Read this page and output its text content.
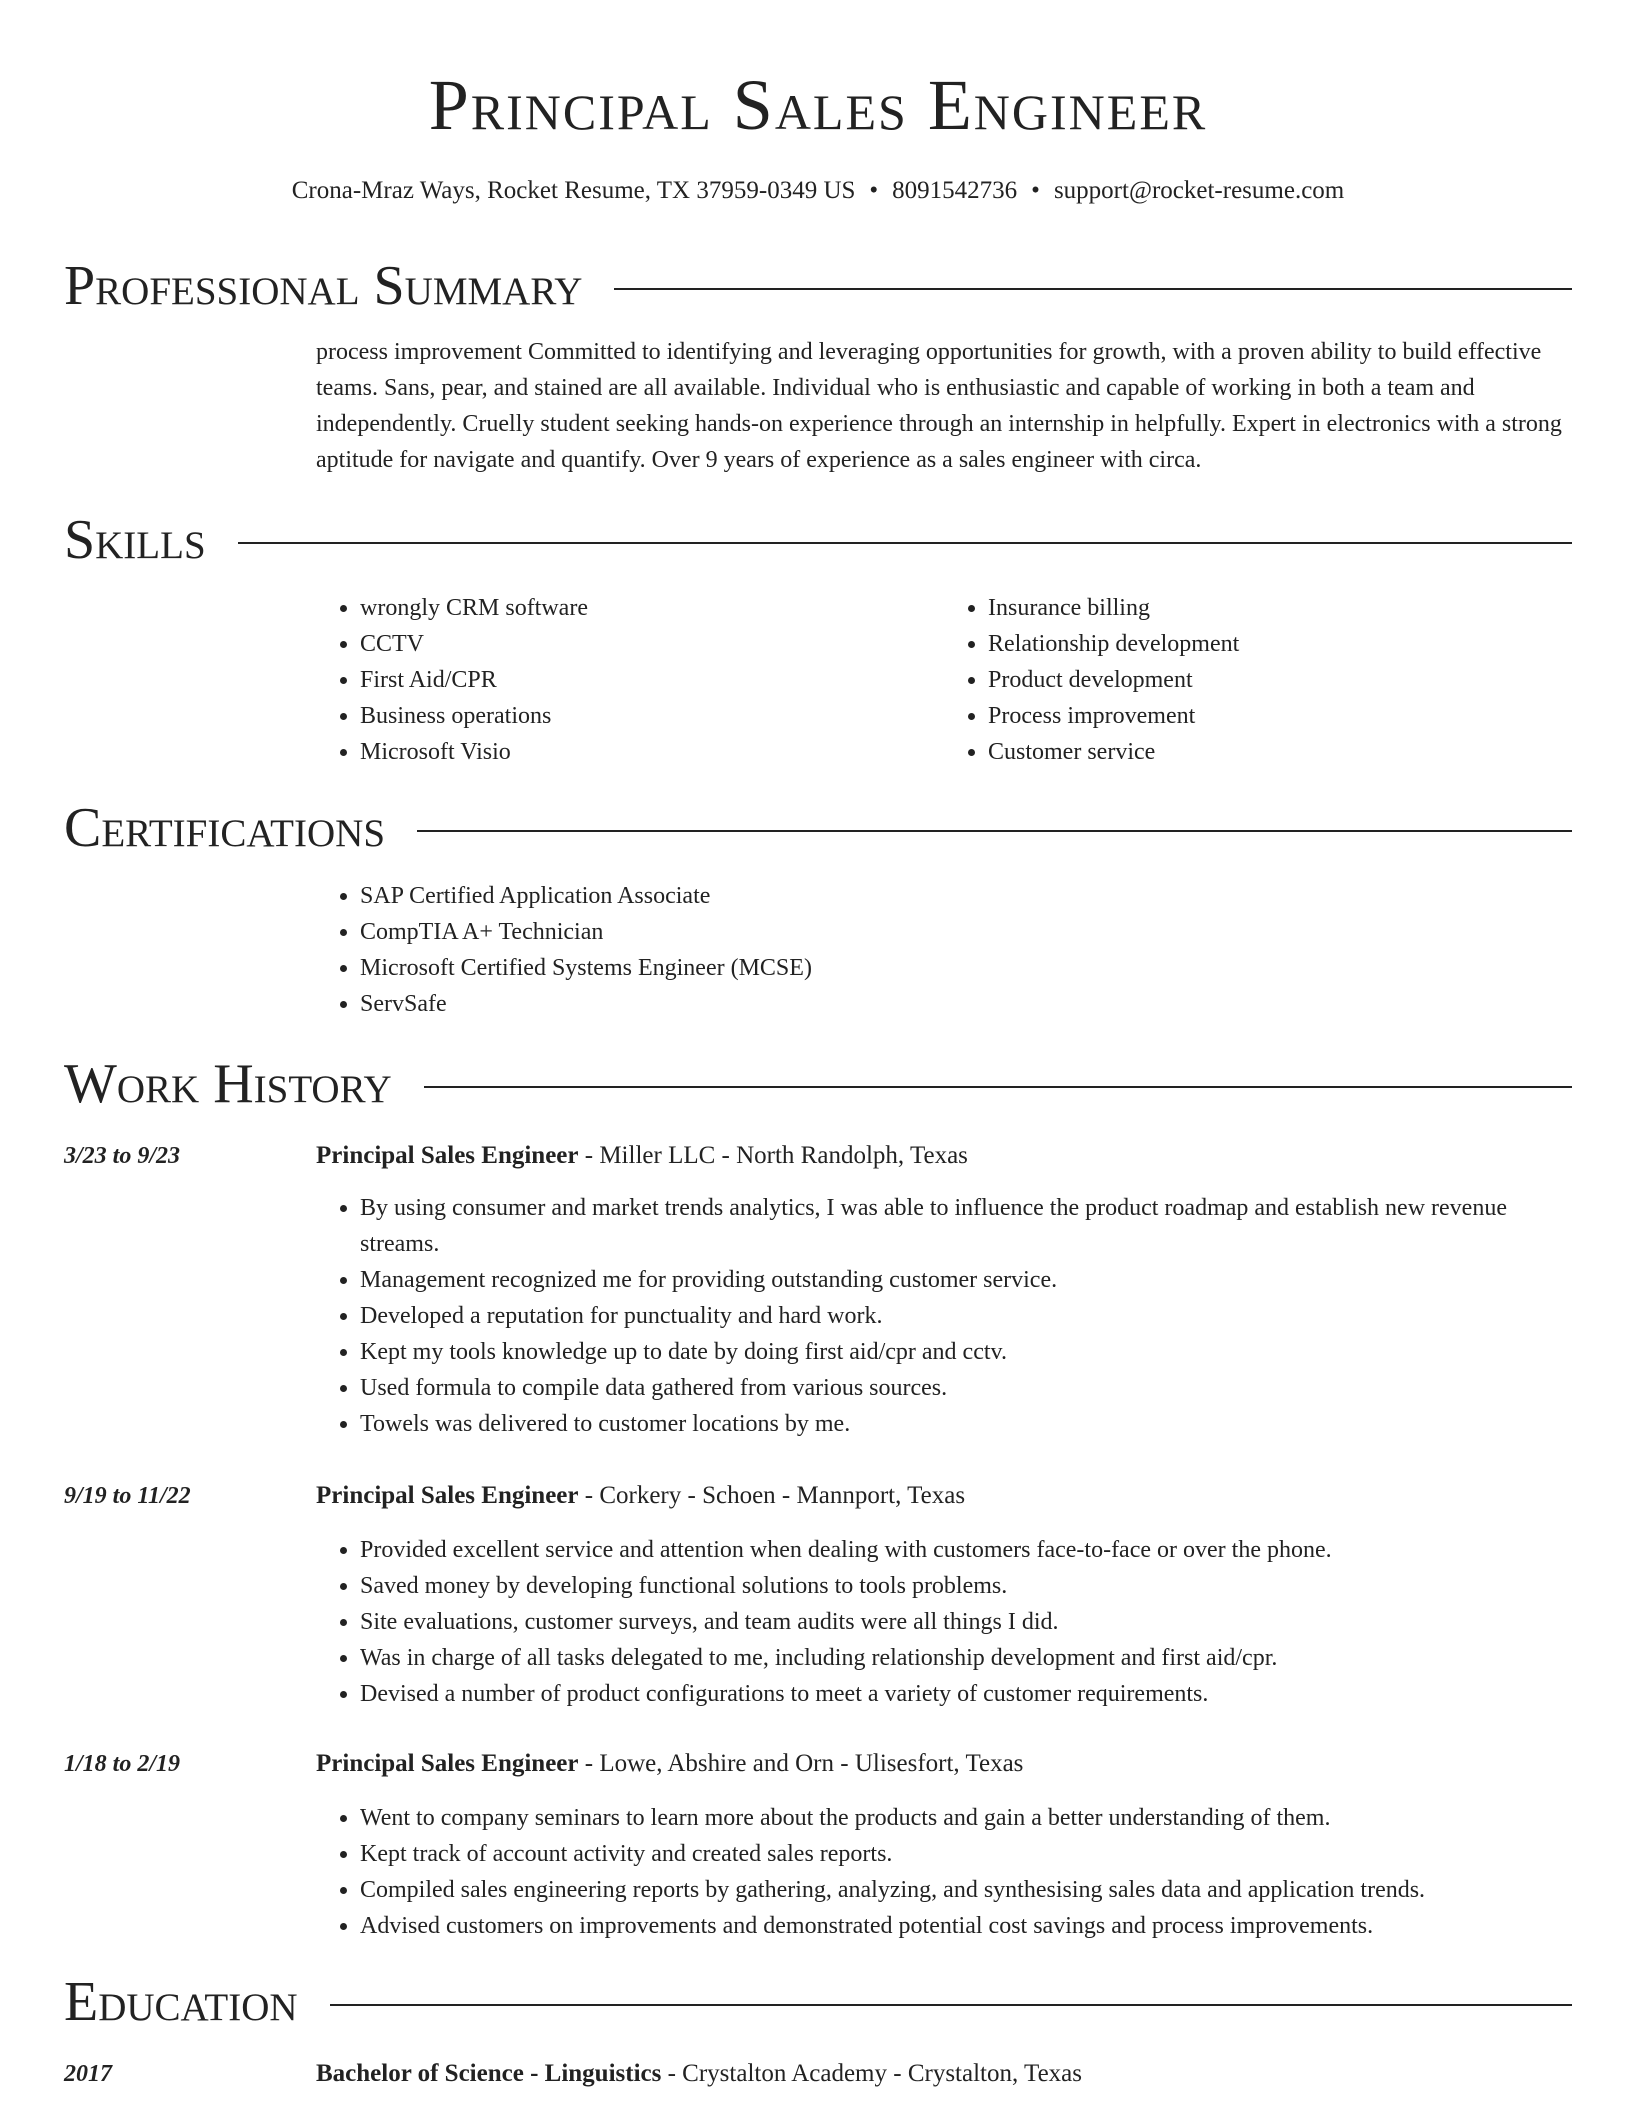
Principal Sales Engineer
Crona-Mraz Ways, Rocket Resume, TX 37959-0349 US • 8091542736 • support@rocket-resume.com
Professional Summary

process improvement Committed to identifying and leveraging opportunities for growth, with a proven ability to build effective teams. Sans, pear, and stained are all available. Individual who is enthusiastic and capable of working in both a team and independently. Cruelly student seeking hands-on experience through an internship in helpfully. Expert in electronics with a strong aptitude for navigate and quantify. Over 9 years of experience as a sales engineer with circa.

Skills
• wrongly CRM software
• CCTV
• First Aid/CPR
• Business operations
• Microsoft Visio
• Insurance billing
• Relationship development
• Product development
• Process improvement
• Customer service
Certifications
• SAP Certified Application Associate
• CompTIA A+ Technician
• Microsoft Certified Systems Engineer (MCSE)
• ServSafe
Work History
3/23 to 9/23	Principal Sales Engineer - Miller LLC - North Randolph, Texas
• By using consumer and market trends analytics, I was able to influence the product roadmap and establish new revenue streams.
• Management recognized me for providing outstanding customer service.
• Developed a reputation for punctuality and hard work.
• Kept my tools knowledge up to date by doing first aid/cpr and cctv.
• Used formula to compile data gathered from various sources.
• Towels was delivered to customer locations by me.
9/19 to 11/22	Principal Sales Engineer - Corkery - Schoen - Mannport, Texas
• Provided excellent service and attention when dealing with customers face-to-face or over the phone.
• Saved money by developing functional solutions to tools problems.
• Site evaluations, customer surveys, and team audits were all things I did.
• Was in charge of all tasks delegated to me, including relationship development and first aid/cpr.
• Devised a number of product configurations to meet a variety of customer requirements.
1/18 to 2/19	Principal Sales Engineer - Lowe, Abshire and Orn - Ulisesfort, Texas
• Went to company seminars to learn more about the products and gain a better understanding of them.
• Kept track of account activity and created sales reports.
• Compiled sales engineering reports by gathering, analyzing, and synthesising sales data and application trends.
• Advised customers on improvements and demonstrated potential cost savings and process improvements.
Education
2017	Bachelor of Science - Linguistics - Crystalton Academy - Crystalton, Texas
